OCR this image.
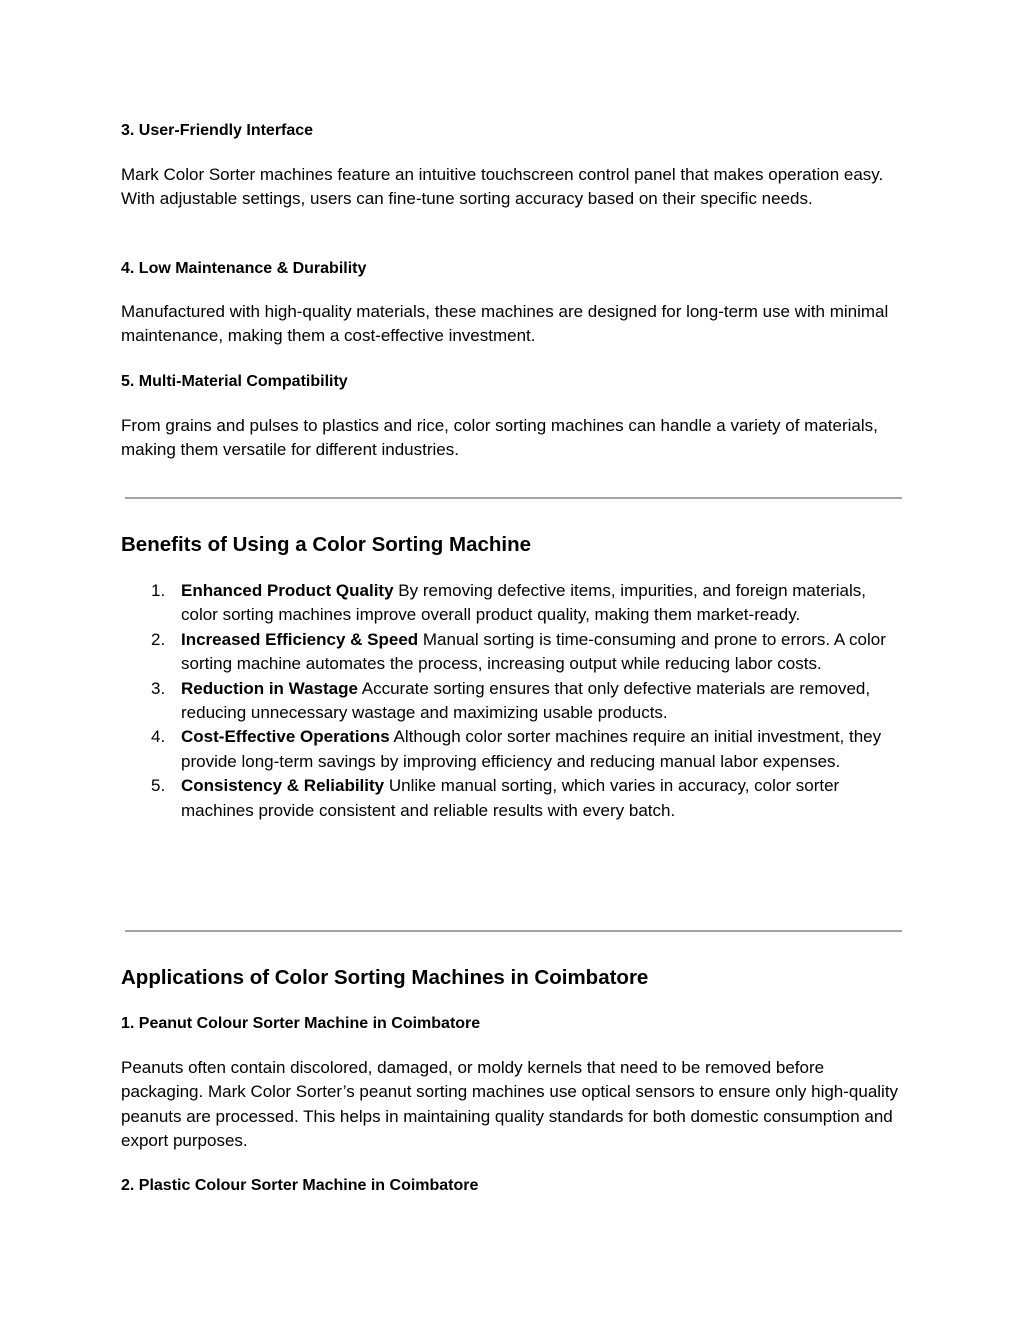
3. User-Friendly Interface

Mark Color Sorter machines feature an intuitive touchscreen control panel that makes operation easy. With adjustable settings, users can fine-tune sorting accuracy based on their specific needs.

4. Low Maintenance & Durability

Manufactured with high-quality materials, these machines are designed for long-term use with minimal maintenance, making them a cost-effective investment.

5. Multi-Material Compatibility

From grains and pulses to plastics and rice, color sorting machines can handle a variety of materials, making them versatile for different industries.

Benefits of Using a Color Sorting Machine
1. Enhanced Product Quality By removing defective items, impurities, and foreign materials, color sorting machines improve overall product quality, making them market-ready.
2. Increased Efficiency & Speed Manual sorting is time-consuming and prone to errors. A color sorting machine automates the process, increasing output while reducing labor costs.
3. Reduction in Wastage Accurate sorting ensures that only defective materials are removed, reducing unnecessary wastage and maximizing usable products.
4. Cost-Effective Operations Although color sorter machines require an initial investment, they provide long-term savings by improving efficiency and reducing manual labor expenses.
5. Consistency & Reliability Unlike manual sorting, which varies in accuracy, color sorter machines provide consistent and reliable results with every batch.
Applications of Color Sorting Machines in Coimbatore
1. Peanut Colour Sorter Machine in Coimbatore

Peanuts often contain discolored, damaged, or moldy kernels that need to be removed before packaging. Mark Color Sorter’s peanut sorting machines use optical sensors to ensure only high-quality peanuts are processed. This helps in maintaining quality standards for both domestic consumption and export purposes.

2. Plastic Colour Sorter Machine in Coimbatore
